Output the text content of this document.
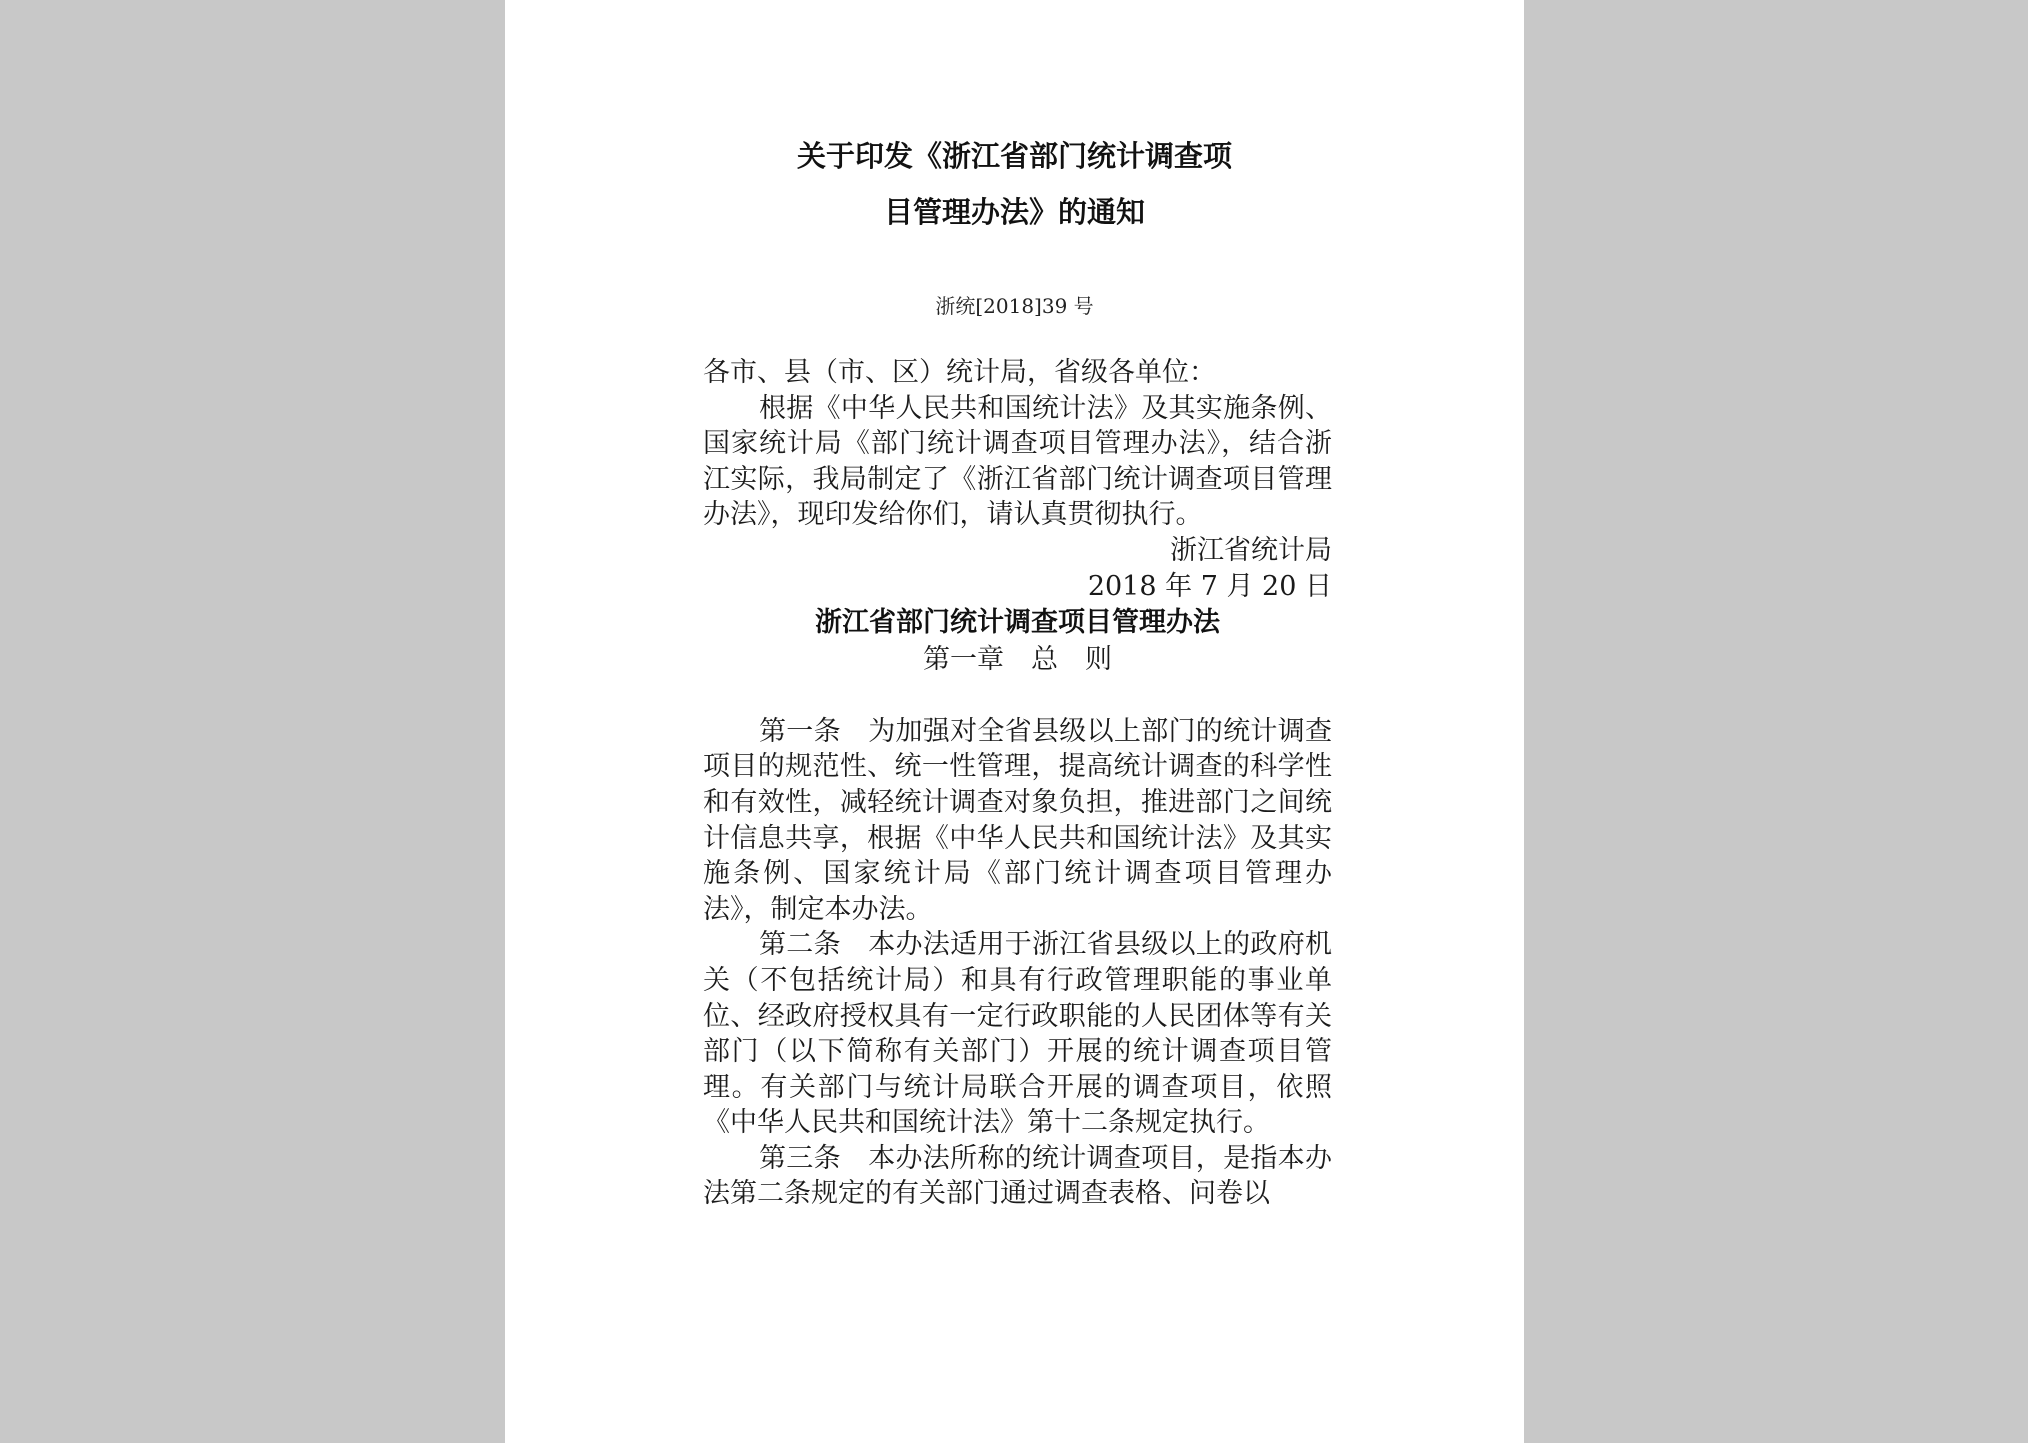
关于印发《浙江省部门统计调查项
目管理办法》的通知
浙统[2018]39 号

各市、县（市、区）统计局，省级各单位：

根据《中华人民共和国统计法》及其实施条例、国家统计局《部门统计调查项目管理办法》，结合浙江实际，我局制定了《浙江省部门统计调查项目管理办法》，现印发给你们，请认真贯彻执行。

浙江省统计局

2018 年 7 月 20 日

浙江省部门统计调查项目管理办法

第一章　总　则

第一条　为加强对全省县级以上部门的统计调查项目的规范性、统一性管理，提高统计调查的科学性和有效性，减轻统计调查对象负担，推进部门之间统计信息共享，根据《中华人民共和国统计法》及其实施条例、国家统计局《部门统计调查项目管理办法》，制定本办法。

第二条　本办法适用于浙江省县级以上的政府机关（不包括统计局）和具有行政管理职能的事业单位、经政府授权具有一定行政职能的人民团体等有关部门（以下简称有关部门）开展的统计调查项目管理。有关部门与统计局联合开展的调查项目，依照《中华人民共和国统计法》第十二条规定执行。

第三条　本办法所称的统计调查项目，是指本办法第二条规定的有关部门通过调查表格、问卷以
